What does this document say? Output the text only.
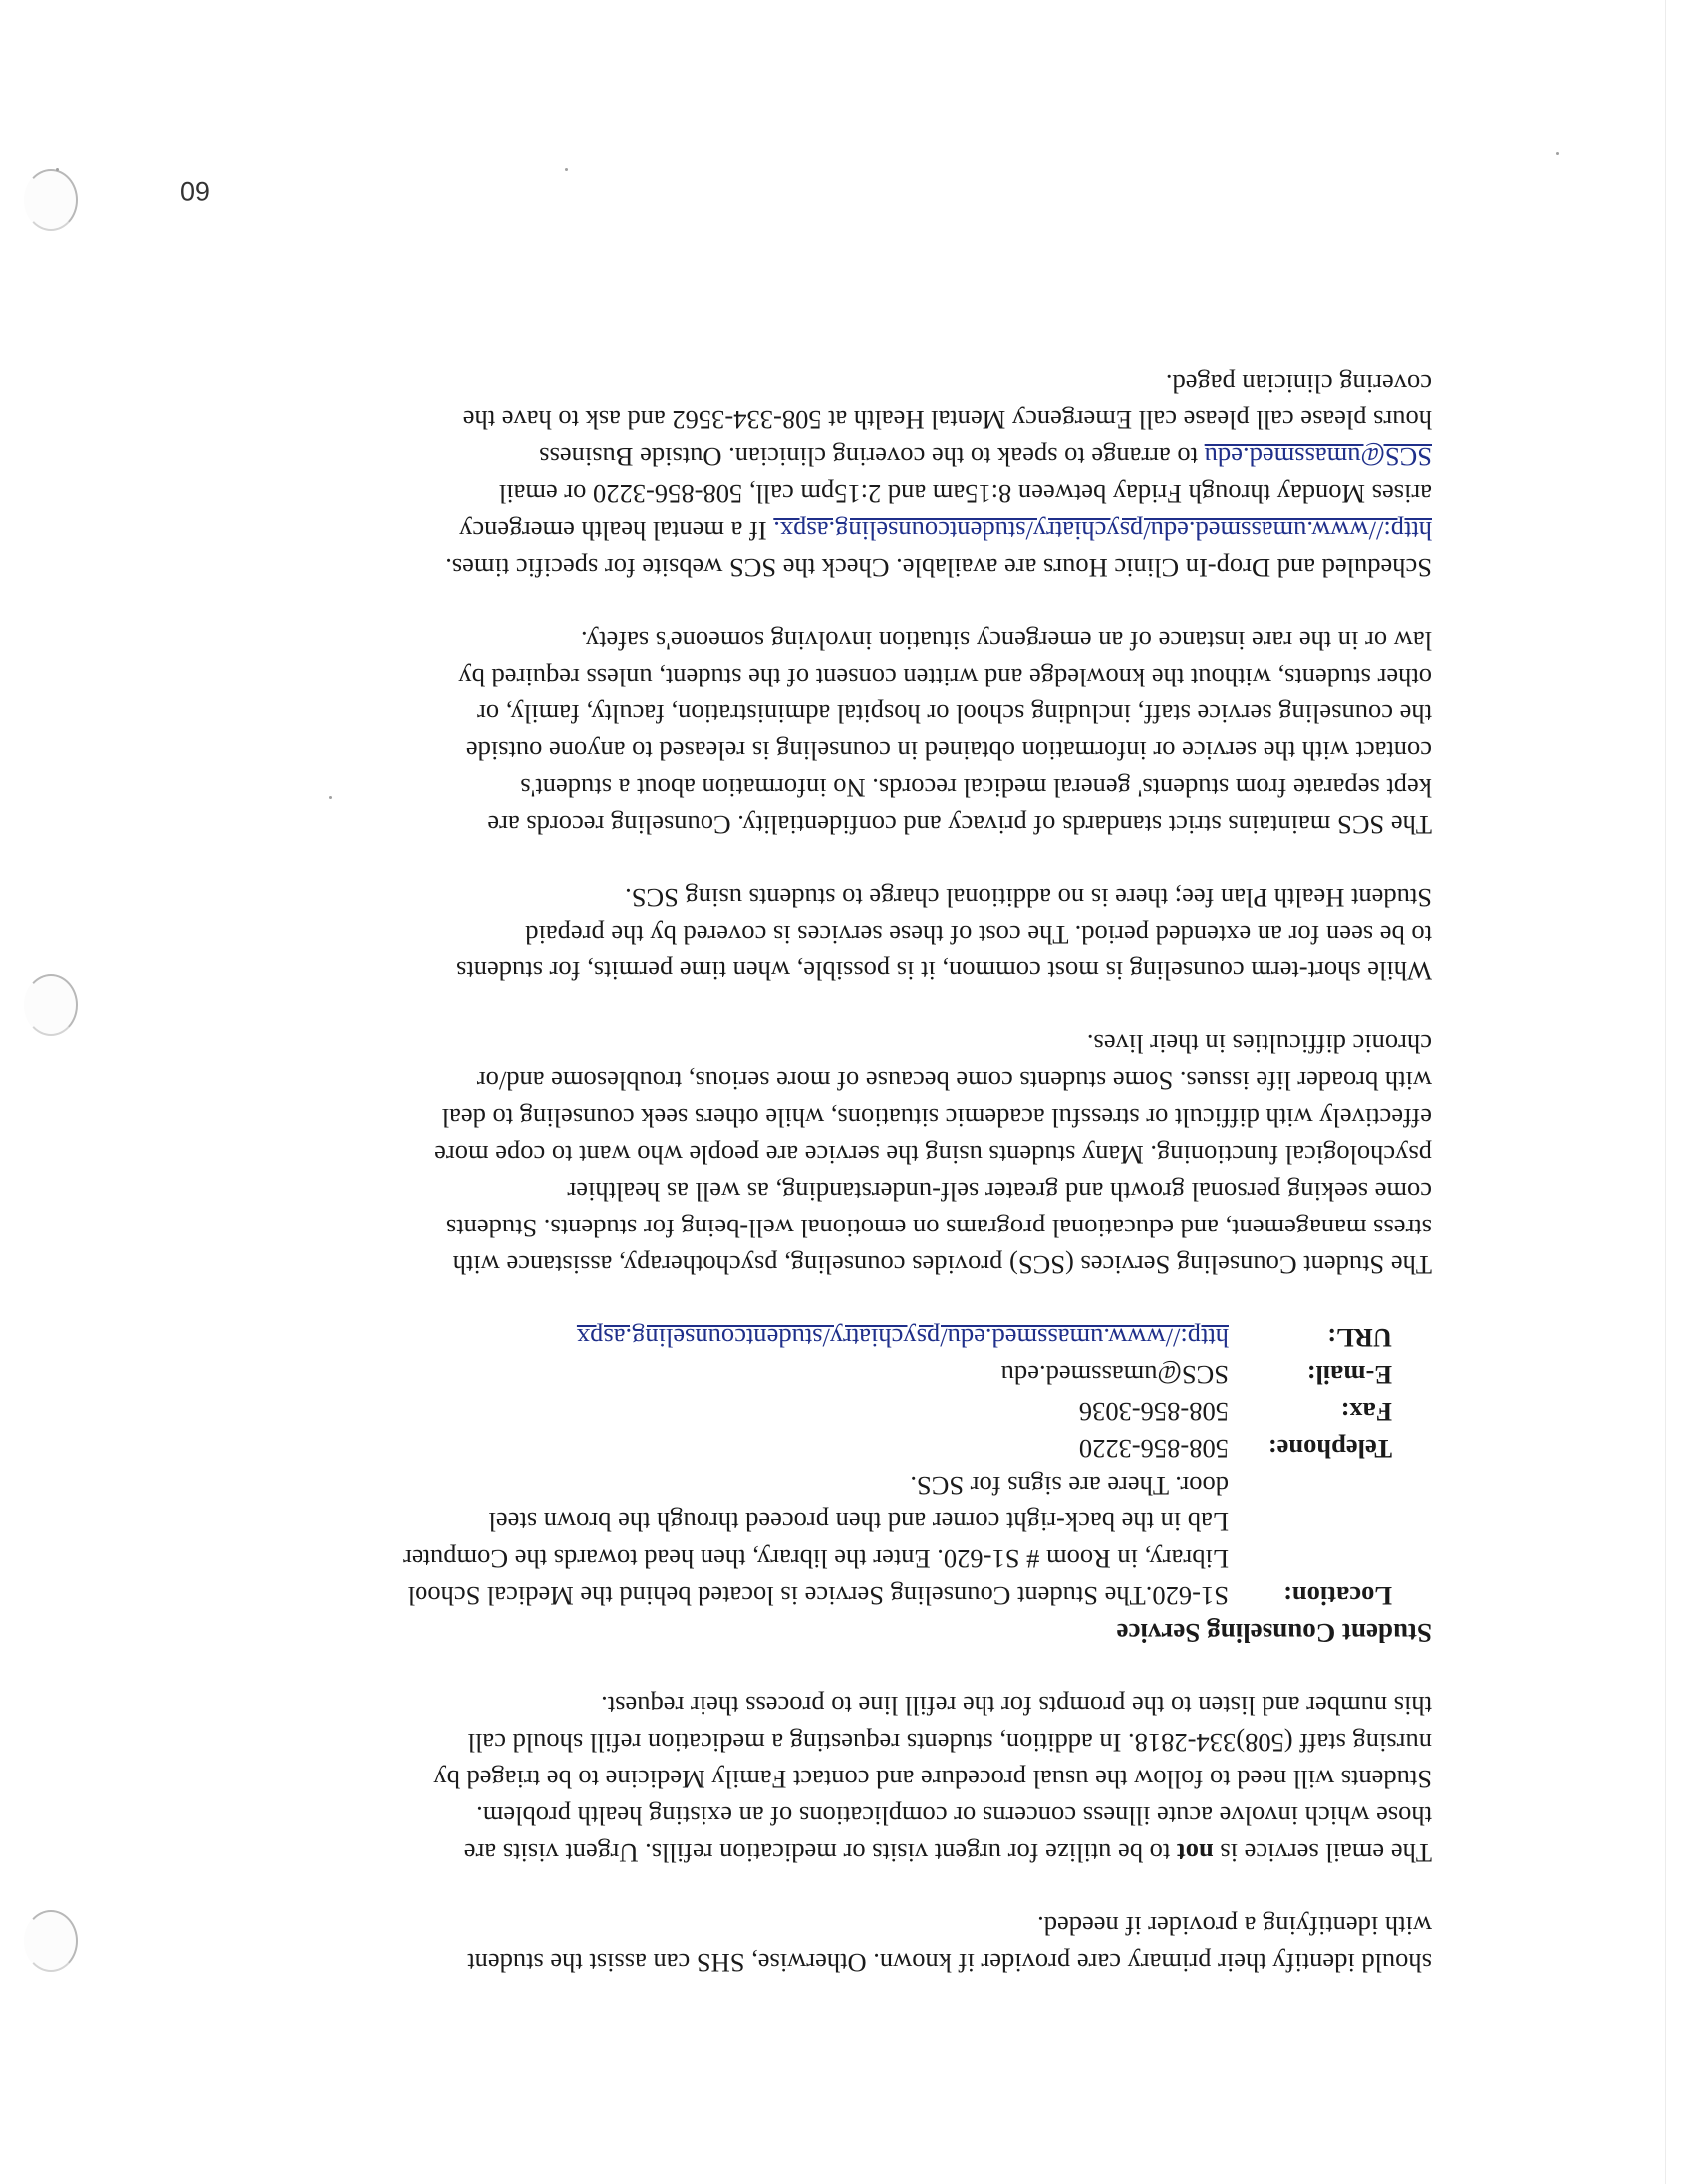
should identify their primary care provider if known. Otherwise, SHS can assist the student

with identifying a provider if needed.

The email service is not to be utilize for urgent visits or medication refills. Urgent visits are

those which involve acute illness concerns or complications of an existing health problem.

Students will need to follow the usual procedure and contact Family Medicine to be triaged by

nursing staff (508)334-2818. In addition, students requesting a medication refill should call

this number and listen to the prompts for the refill line to process their request.

Student Counseling Service
Location:	S1-620.The Student Counseling Service is located behind the Medical School
Library, in Room # S1-620. Enter the library, then head towards the Computer
Lab in the back-right corner and then proceed through the brown steel
door. There are signs for SCS.

Telephone:	508-856-3220
Fax:	508-856-3036
E-mail:	SCS@umassmed.edu
URL:	http://www.umassmed.edu/psychiatry/studentcounseling.aspx

The Student Counseling Services (SCS) provides counseling, psychotherapy, assistance with

stress management, and educational programs on emotional well-being for students. Students

come seeking personal growth and greater self-understanding, as well as healthier

psychological functioning. Many students using the service are people who want to cope more

effectively with difficult or stressful academic situations, while others seek counseling to deal

with broader life issues. Some students come because of more serious, troublesome and/or

chronic difficulties in their lives.

While short-term counseling is most common, it is possible, when time permits, for students

to be seen for an extended period. The cost of these services is covered by the prepaid

Student Health Plan fee; there is no additional charge to students using SCS.

The SCS maintains strict standards of privacy and confidentiality. Counseling records are

kept separate from students' general medical records. No information about a student's

contact with the service or information obtained in counseling is released to anyone outside

the counseling service staff, including school or hospital administration, faculty, family, or

other students, without the knowledge and written consent of the student, unless required by

law or in the rare instance of an emergency situation involving someone's safety.

Scheduled and Drop-In Clinic Hours are available. Check the SCS website for specific times.

http://www.umassmed.edu/psychiatry/studentcounseling.aspx. If a mental health emergency

arises Monday through Friday between 8:15am and 2:15pm call, 508-856-3220 or email

SCS@umassmed.edu to arrange to speak to the covering clinician. Outside Business

hours please call please call Emergency Mental Health at 508-334-3562 and ask to have the

covering clinician paged.

60
